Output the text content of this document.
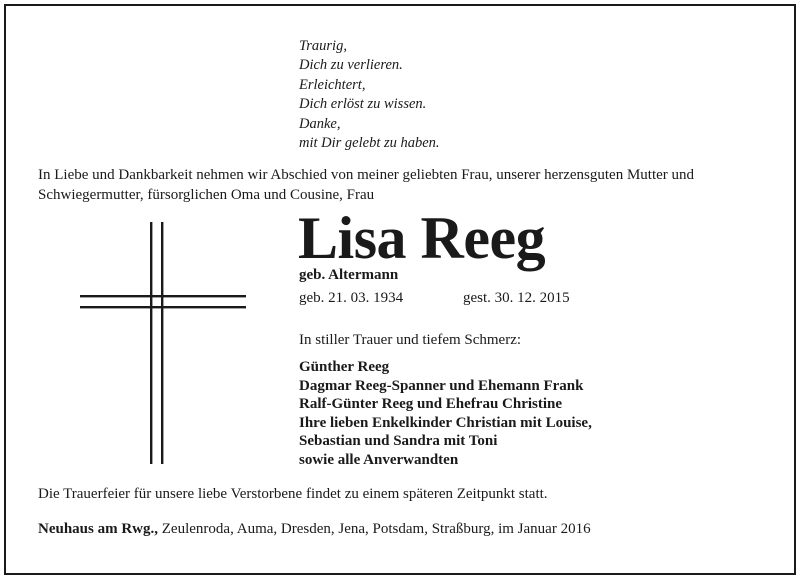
Traurig,
Dich zu verlieren.
Erleichtert,
Dich erlöst zu wissen.
Danke,
mit Dir gelebt zu haben.
In Liebe und Dankbarkeit nehmen wir Abschied von meiner geliebten Frau, unserer herzensguten Mutter und
Schwiegermutter, fürsorglichen Oma und Cousine, Frau
Lisa Reeg
geb. Altermann
geb. 21. 03. 1934	gest. 30. 12. 2015
In stiller Trauer und tiefem Schmerz:
Günther Reeg
Dagmar Reeg-Spanner und Ehemann Frank
Ralf-Günter Reeg und Ehefrau Christine
Ihre lieben Enkelkinder Christian mit Louise,
Sebastian und Sandra mit Toni
sowie alle Anverwandten
Die Trauerfeier für unsere liebe Verstorbene findet zu einem späteren Zeitpunkt statt.
Neuhaus am Rwg., Zeulenroda, Auma, Dresden, Jena, Potsdam, Straßburg, im Januar 2016
